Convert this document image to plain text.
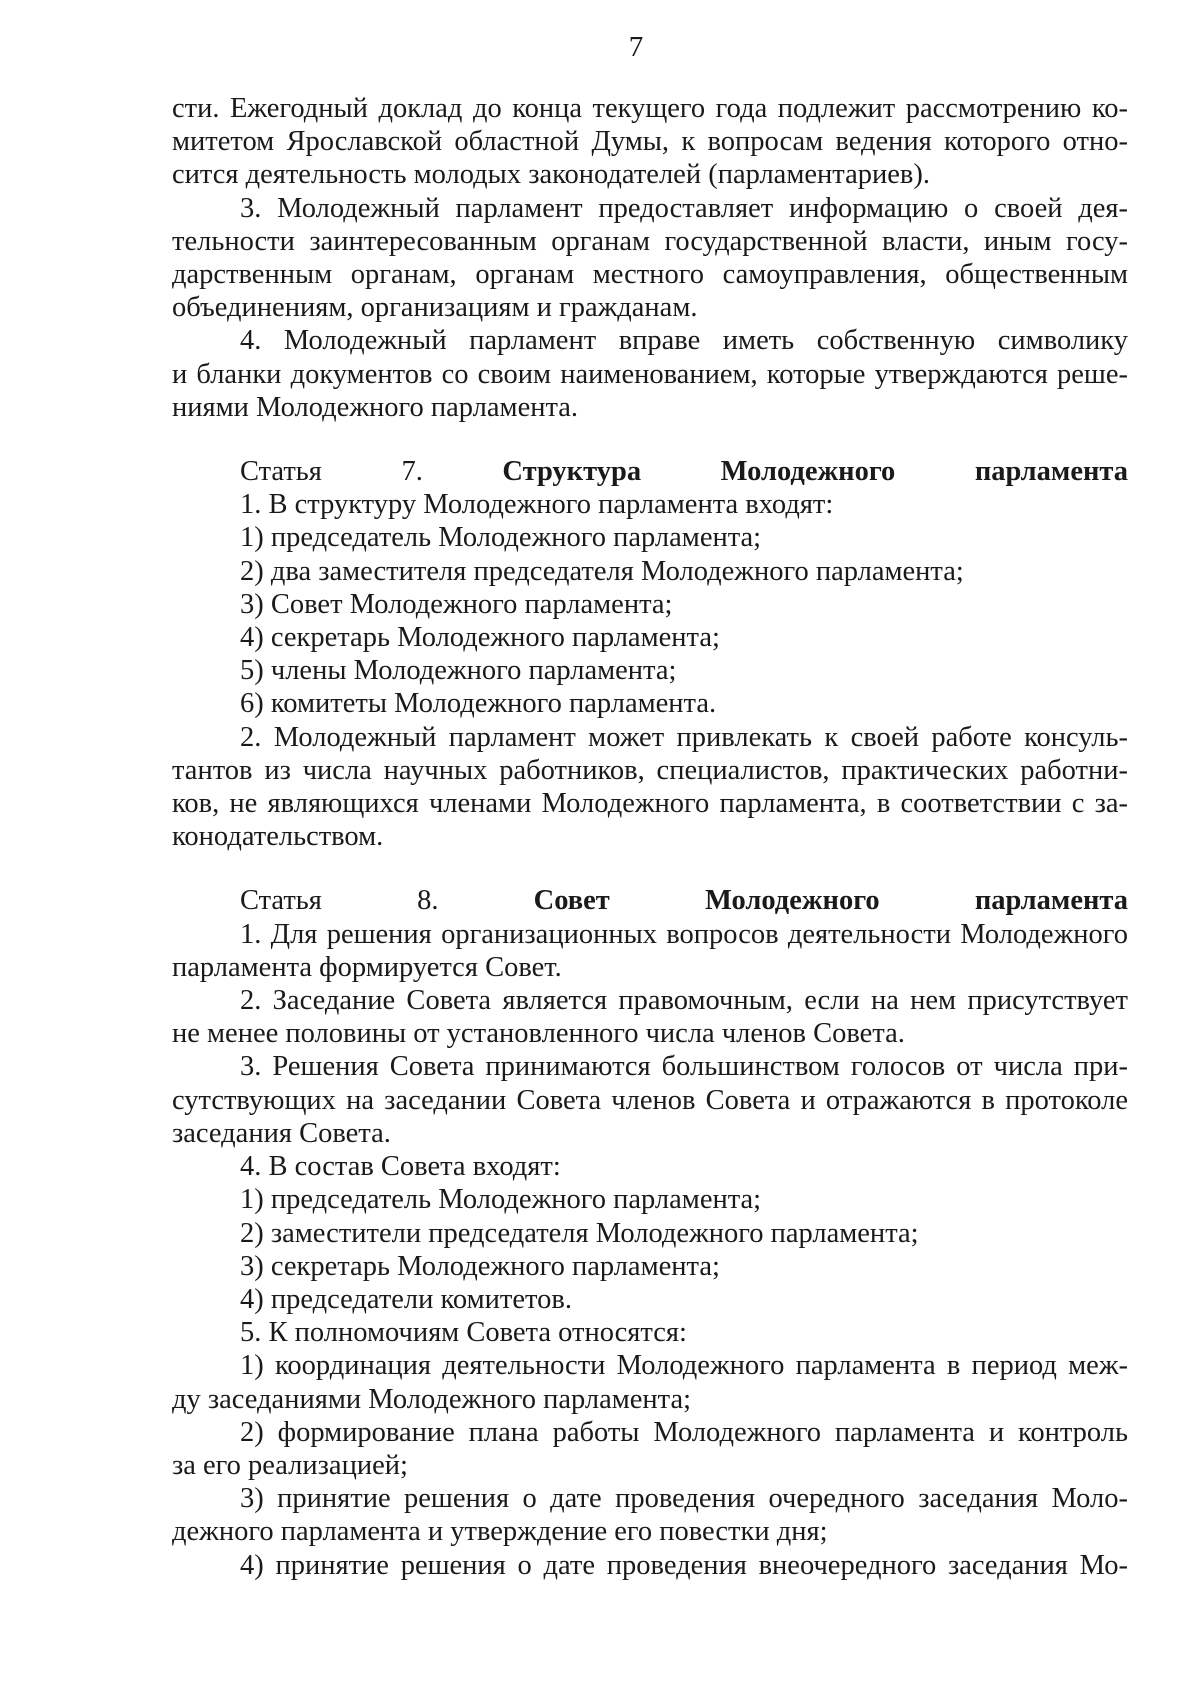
7

сти. Ежегодный доклад до конца текущего года подлежит рассмотрению ко-

митетом Ярославской областной Думы, к вопросам ведения которого отно-

сится деятельность молодых законодателей (парламентариев).

3. Молодежный парламент предоставляет информацию о своей дея-

тельности заинтересованным органам государственной власти, иным госу-

дарственным органам, органам местного самоуправления, общественным

объединениям, организациям и гражданам.

4. Молодежный парламент вправе иметь собственную символику

и бланки документов со своим наименованием, которые утверждаются реше-

ниями Молодежного парламента.

Статья 7. Структура Молодежного парламента

1. В структуру Молодежного парламента входят:

1) председатель Молодежного парламента;

2) два заместителя председателя Молодежного парламента;

3) Совет Молодежного парламента;

4) секретарь Молодежного парламента;

5) члены Молодежного парламента;

6) комитеты Молодежного парламента.

2. Молодежный парламент может привлекать к своей работе консуль-

тантов из числа научных работников, специалистов, практических работни-

ков, не являющихся членами Молодежного парламента, в соответствии с за-

конодательством.

Статья 8. Совет Молодежного парламента

1. Для решения организационных вопросов деятельности Молодежного

парламента формируется Совет.

2. Заседание Совета является правомочным, если на нем присутствует

не менее половины от установленного числа членов Совета.

3. Решения Совета принимаются большинством голосов от числа при-

сутствующих на заседании Совета членов Совета и отражаются в протоколе

заседания Совета.

4. В состав Совета входят:

1) председатель Молодежного парламента;

2) заместители председателя Молодежного парламента;

3) секретарь Молодежного парламента;

4) председатели комитетов.

5. К полномочиям Совета относятся:

1) координация деятельности Молодежного парламента в период меж-

ду заседаниями Молодежного парламента;

2) формирование плана работы Молодежного парламента и контроль

за его реализацией;

3) принятие решения о дате проведения очередного заседания Моло-

дежного парламента и утверждение его повестки дня;

4) принятие решения о дате проведения внеочередного заседания Мо-
